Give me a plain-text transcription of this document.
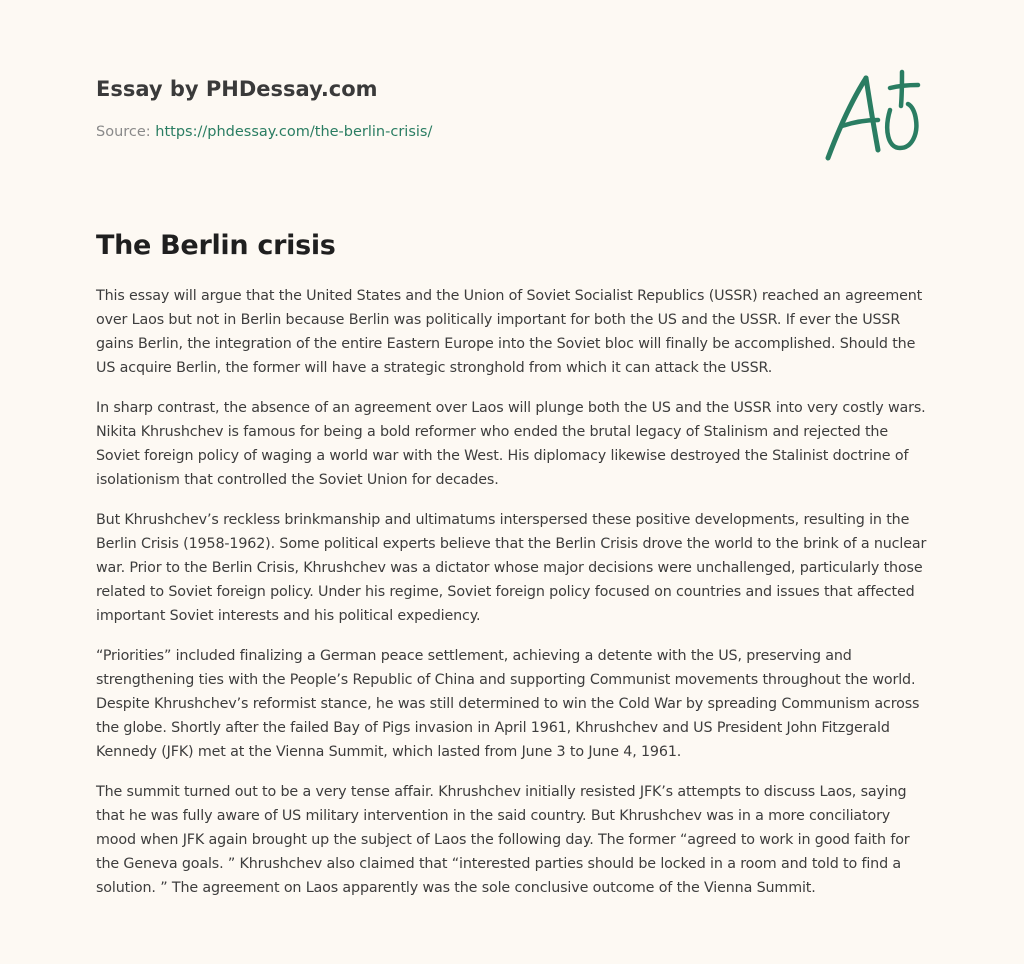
Essay by PHDessay.com
Source: https://phdessay.com/the-berlin-crisis/
The Berlin crisis

This essay will argue that the United States and the Union of Soviet Socialist Republics (USSR) reached an agreement over Laos but not in Berlin because Berlin was politically important for both the US and the USSR. If ever the USSR gains Berlin, the integration of the entire Eastern Europe into the Soviet bloc will finally be accomplished. Should the US acquire Berlin, the former will have a strategic stronghold from which it can attack the USSR.

In sharp contrast, the absence of an agreement over Laos will plunge both the US and the USSR into very costly wars. Nikita Khrushchev is famous for being a bold reformer who ended the brutal legacy of Stalinism and rejected the Soviet foreign policy of waging a world war with the West. His diplomacy likewise destroyed the Stalinist doctrine of isolationism that controlled the Soviet Union for decades.

But Khrushchev’s reckless brinkmanship and ultimatums interspersed these positive developments, resulting in the Berlin Crisis (1958-1962). Some political experts believe that the Berlin Crisis drove the world to the brink of a nuclear war. Prior to the Berlin Crisis, Khrushchev was a dictator whose major decisions were unchallenged, particularly those related to Soviet foreign policy. Under his regime, Soviet foreign policy focused on countries and issues that affected important Soviet interests and his political expediency.

“Priorities” included finalizing a German peace settlement, achieving a detente with the US, preserving and strengthening ties with the People’s Republic of China and supporting Communist movements throughout the world. Despite Khrushchev’s reformist stance, he was still determined to win the Cold War by spreading Communism across the globe. Shortly after the failed Bay of Pigs invasion in April 1961, Khrushchev and US President John Fitzgerald Kennedy (JFK) met at the Vienna Summit, which lasted from June 3 to June 4, 1961.

The summit turned out to be a very tense affair. Khrushchev initially resisted JFK’s attempts to discuss Laos, saying that he was fully aware of US military intervention in the said country. But Khrushchev was in a more conciliatory mood when JFK again brought up the subject of Laos the following day. The former “agreed to work in good faith for the Geneva goals. ” Khrushchev also claimed that “interested parties should be locked in a room and told to find a solution. ” The agreement on Laos apparently was the sole conclusive outcome of the Vienna Summit.
